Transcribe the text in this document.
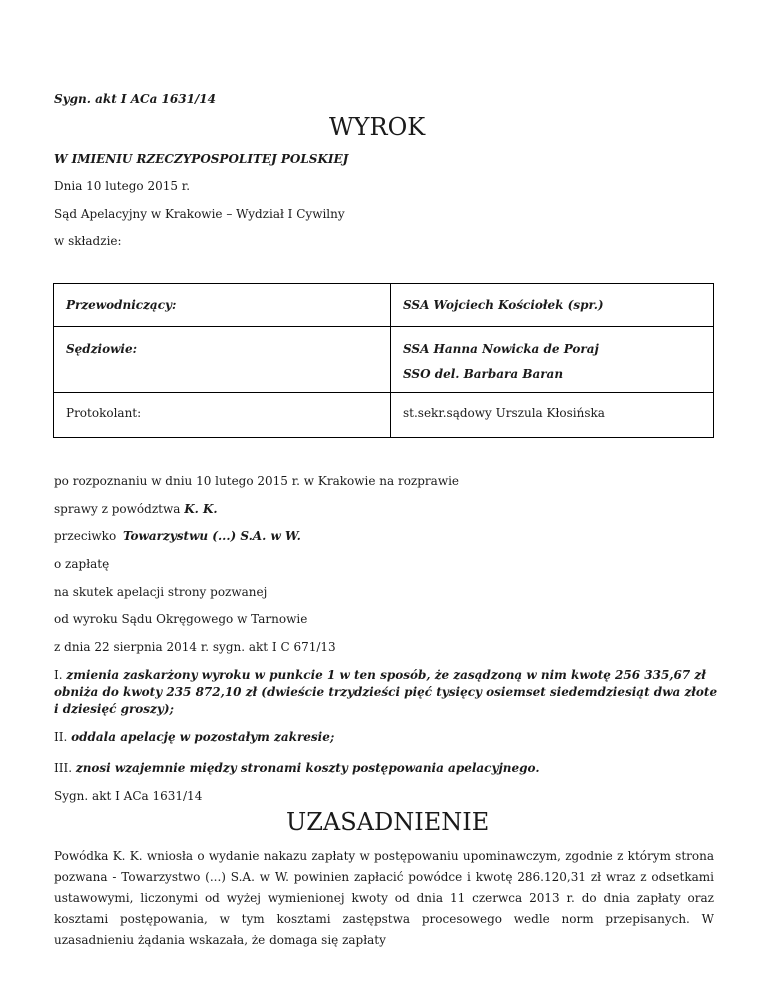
Sygn. akt I ACa 1631/14
WYROK
W IMIENIU RZECZYPOSPOLITEJ POLSKIEJ
Dnia 10 lutego 2015 r.
Sąd Apelacyjny w Krakowie – Wydział I Cywilny
w składzie:
Przewodniczący:	SSA Wojciech Kościołek (spr.)
Sędziowie:	SSA Hanna Nowicka de Poraj
SSO del. Barbara Baran

Protokolant:	st.sekr.sądowy Urszula Kłosińska
po rozpoznaniu w dniu 10 lutego 2015 r. w Krakowie na rozprawie
sprawy z powództwa K. K.
przeciwko Towarzystwu (...) S.A. w W.
o zapłatę
na skutek apelacji strony pozwanej
od wyroku Sądu Okręgowego w Tarnowie
z dnia 22 sierpnia 2014 r. sygn. akt I C 671/13
I. zmienia zaskarżony wyroku w punkcie 1 w ten sposób, że zasądzoną w nim kwotę 256 335,67 zł
obniża do kwoty 235 872,10 zł (dwieście trzydzieści pięć tysięcy osiemset siedemdziesiąt dwa złote
i dziesięć groszy);
II. oddala apelację w pozostałym zakresie;
III. znosi wzajemnie między stronami koszty postępowania apelacyjnego.
Sygn. akt I ACa 1631/14
UZASADNIENIE
Powódka K. K. wniosła o wydanie nakazu zapłaty w postępowaniu upominawczym, zgodnie z którym strona pozwana - Towarzystwo (...) S.A. w W. powinien zapłacić powódce i kwotę 286.120,31 zł wraz z odsetkami ustawowymi, liczonymi od wyżej wymienionej kwoty od dnia 11 czerwca 2013 r. do dnia zapłaty oraz kosztami postępowania, w tym kosztami zastępstwa procesowego wedle norm przepisanych. W uzasadnieniu żądania wskazała, że domaga się zapłaty
